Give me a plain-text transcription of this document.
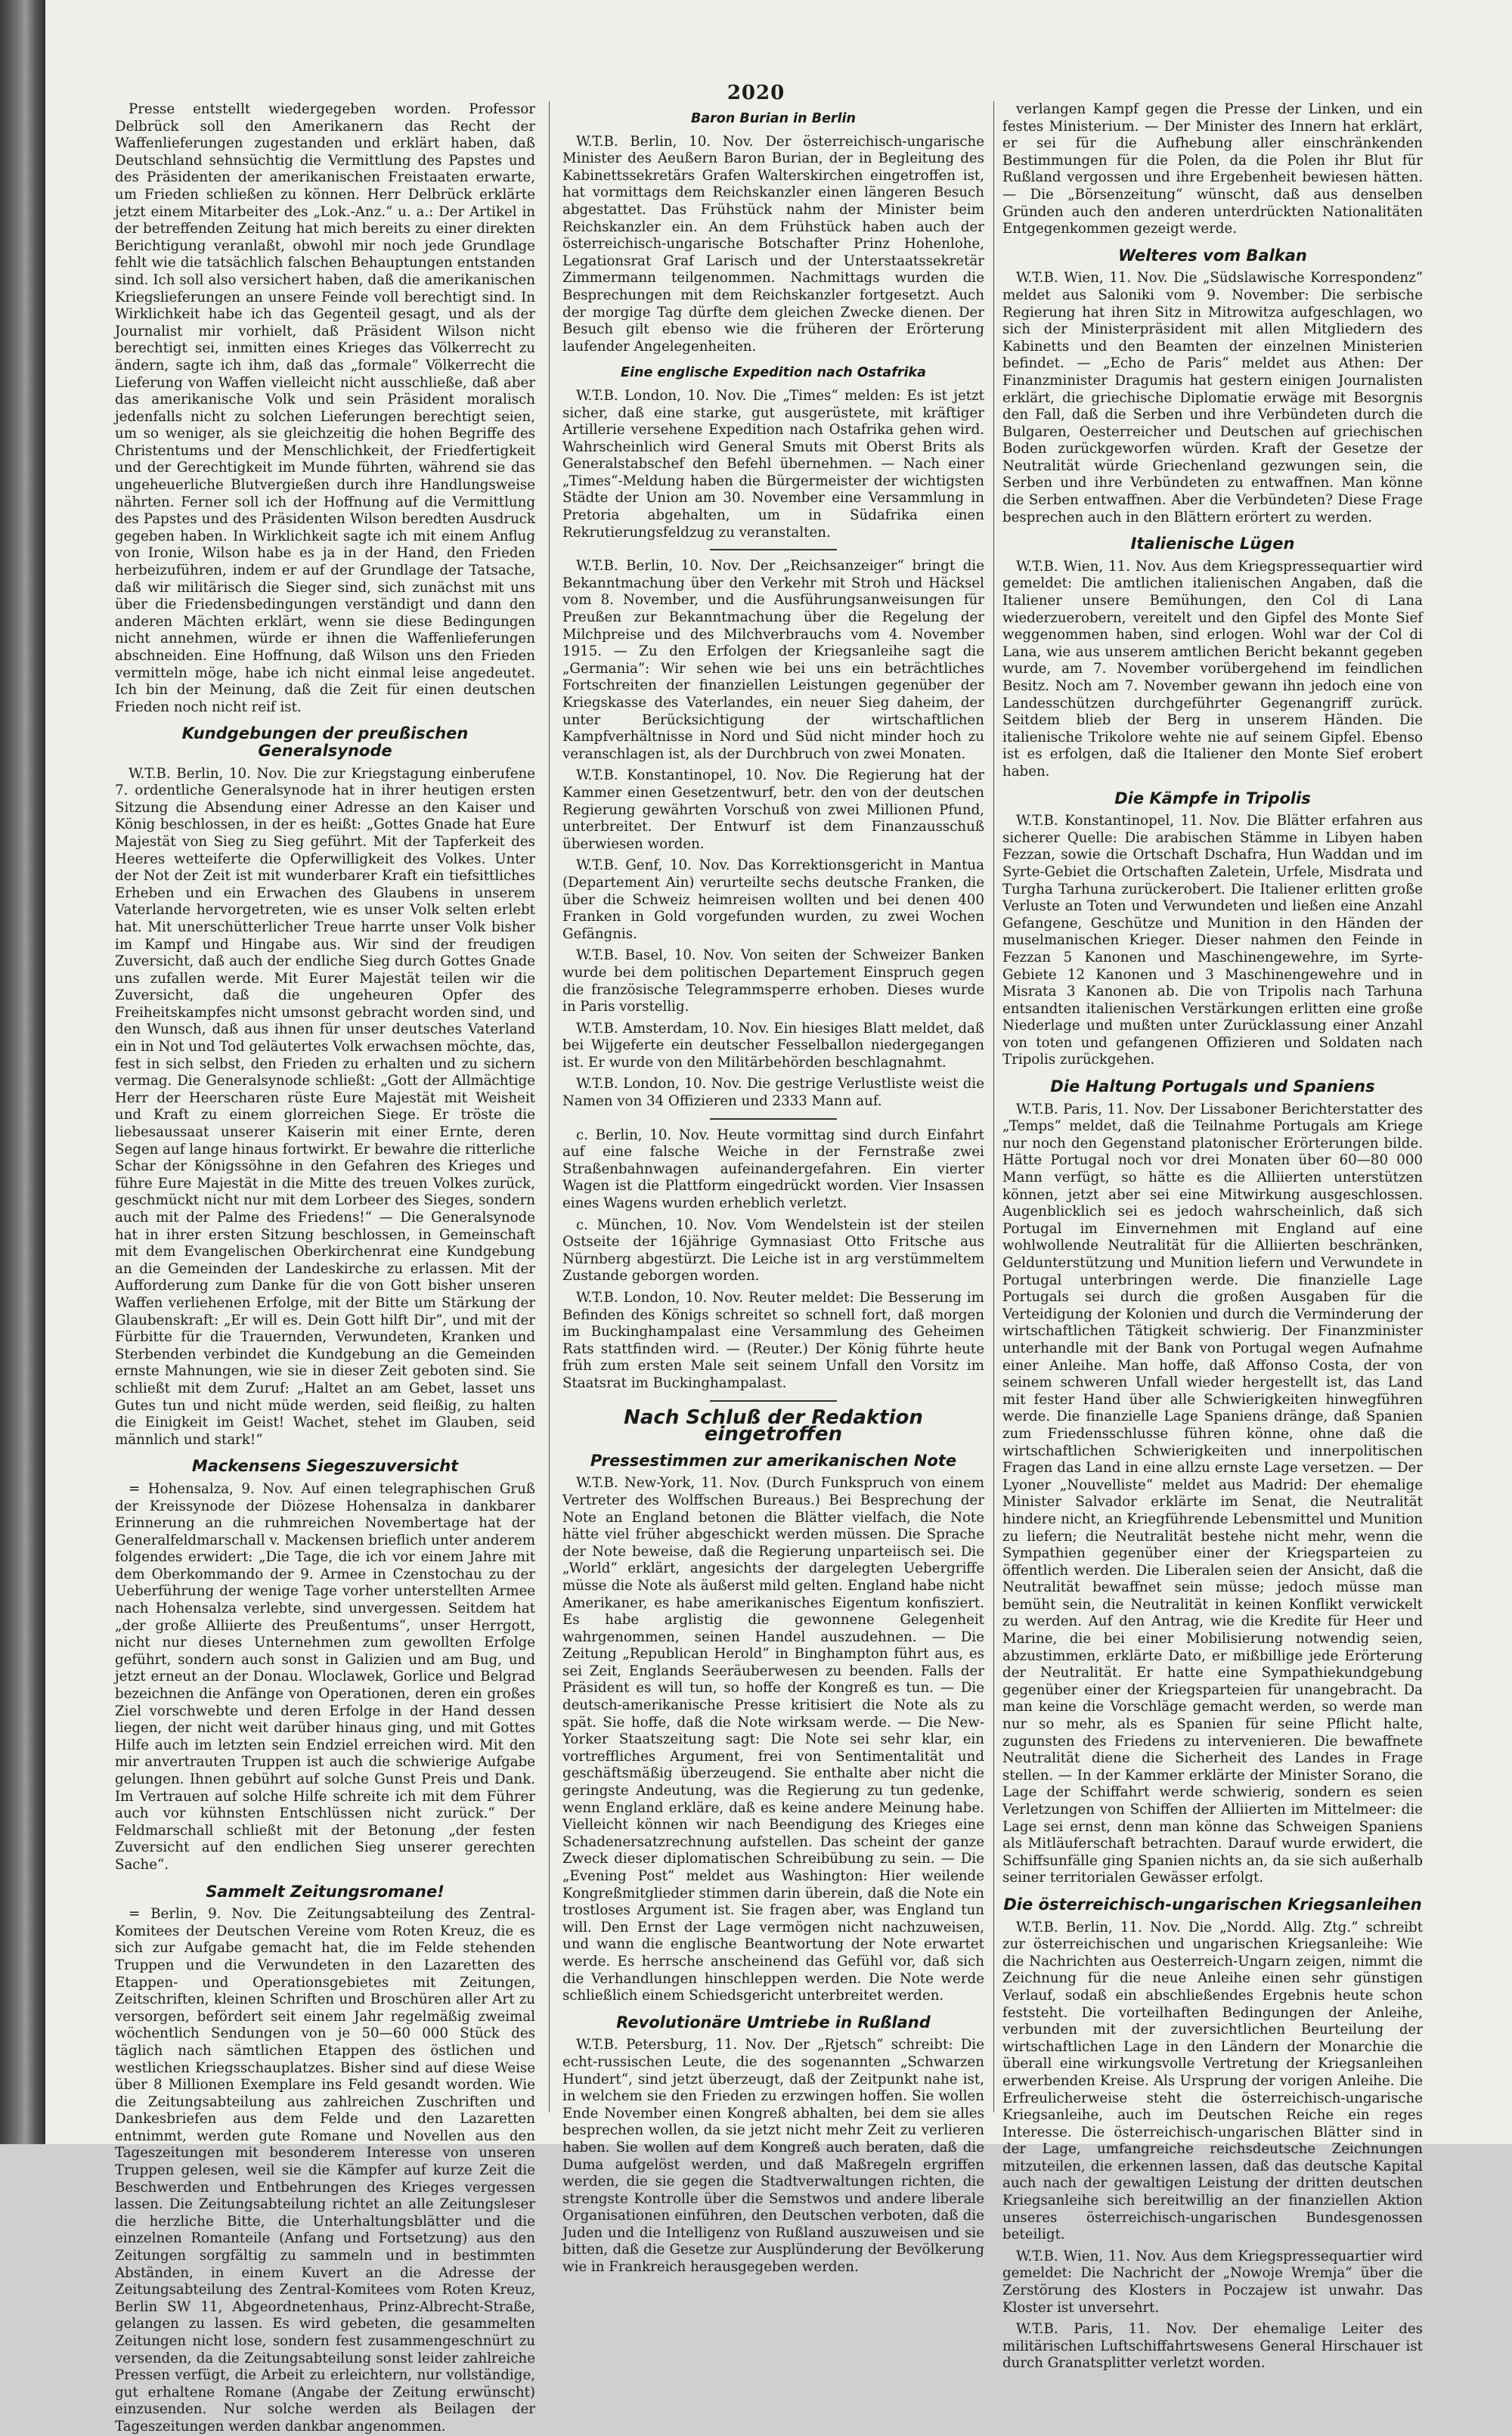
2020

Presse entstellt wiedergegeben worden. Professor Delbrück soll den Amerikanern das Recht der Waffenlieferungen zugestanden und erklärt haben, daß Deutschland sehnsüchtig die Vermittlung des Papstes und des Präsidenten der amerikanischen Freistaaten erwarte, um Frieden schließen zu können. Herr Delbrück erklärte jetzt einem Mitarbeiter des „Lok.-Anz.“ u. a.: Der Artikel in der betreffenden Zeitung hat mich bereits zu einer direkten Berichtigung veranlaßt, obwohl mir noch jede Grundlage fehlt wie die tatsächlich falschen Behauptungen entstanden sind. Ich soll also versichert haben, daß die amerikanischen Kriegslieferungen an unsere Feinde voll berechtigt sind. In Wirklichkeit habe ich das Gegenteil gesagt, und als der Journalist mir vorhielt, daß Präsident Wilson nicht berechtigt sei, inmitten eines Krieges das Völkerrecht zu ändern, sagte ich ihm, daß das „formale“ Völkerrecht die Lieferung von Waffen vielleicht nicht ausschließe, daß aber das amerikanische Volk und sein Präsident moralisch jedenfalls nicht zu solchen Lieferungen berechtigt seien, um so weniger, als sie gleichzeitig die hohen Begriffe des Christentums und der Menschlichkeit, der Friedfertigkeit und der Gerechtigkeit im Munde führten, während sie das ungeheuerliche Blutvergießen durch ihre Handlungsweise nährten. Ferner soll ich der Hoffnung auf die Vermittlung des Papstes und des Präsidenten Wilson beredten Ausdruck gegeben haben. In Wirklichkeit sagte ich mit einem Anflug von Ironie, Wilson habe es ja in der Hand, den Frieden herbeizuführen, indem er auf der Grundlage der Tatsache, daß wir militärisch die Sieger sind, sich zunächst mit uns über die Friedensbedingungen verständigt und dann den anderen Mächten erklärt, wenn sie diese Bedingungen nicht annehmen, würde er ihnen die Waffenlieferungen abschneiden. Eine Hoffnung, daß Wilson uns den Frieden vermitteln möge, habe ich nicht einmal leise angedeutet. Ich bin der Meinung, daß die Zeit für einen deutschen Frieden noch nicht reif ist.

Kundgebungen der preußischen Generalsynode

W.T.B. Berlin, 10. Nov. Die zur Kriegstagung einberufene 7. ordentliche Generalsynode hat in ihrer heutigen ersten Sitzung die Absendung einer Adresse an den Kaiser und König beschlossen, in der es heißt: „Gottes Gnade hat Eure Majestät von Sieg zu Sieg geführt. Mit der Tapferkeit des Heeres wetteiferte die Opferwilligkeit des Volkes. Unter der Not der Zeit ist mit wunderbarer Kraft ein tiefsittliches Erheben und ein Erwachen des Glaubens in unserem Vaterlande hervorgetreten, wie es unser Volk selten erlebt hat. Mit unerschütterlicher Treue harrte unser Volk bisher im Kampf und Hingabe aus. Wir sind der freudigen Zuversicht, daß auch der endliche Sieg durch Gottes Gnade uns zufallen werde. Mit Eurer Majestät teilen wir die Zuversicht, daß die ungeheuren Opfer des Freiheitskampfes nicht umsonst gebracht worden sind, und den Wunsch, daß aus ihnen für unser deutsches Vaterland ein in Not und Tod geläutertes Volk erwachsen möchte, das, fest in sich selbst, den Frieden zu erhalten und zu sichern vermag. Die Generalsynode schließt: „Gott der Allmächtige Herr der Heerscharen rüste Eure Majestät mit Weisheit und Kraft zu einem glorreichen Siege. Er tröste die liebesaussaat unserer Kaiserin mit einer Ernte, deren Segen auf lange hinaus fortwirkt. Er bewahre die ritterliche Schar der Königssöhne in den Gefahren des Krieges und führe Eure Majestät in die Mitte des treuen Volkes zurück, geschmückt nicht nur mit dem Lorbeer des Sieges, sondern auch mit der Palme des Friedens!“ — Die Generalsynode hat in ihrer ersten Sitzung beschlossen, in Gemeinschaft mit dem Evangelischen Oberkirchenrat eine Kundgebung an die Gemeinden der Landeskirche zu erlassen. Mit der Aufforderung zum Danke für die von Gott bisher unseren Waffen verliehenen Erfolge, mit der Bitte um Stärkung der Glaubenskraft: „Er will es. Dein Gott hilft Dir“, und mit der Fürbitte für die Trauernden, Verwundeten, Kranken und Sterbenden verbindet die Kundgebung an die Gemeinden ernste Mahnungen, wie sie in dieser Zeit geboten sind. Sie schließt mit dem Zuruf: „Haltet an am Gebet, lasset uns Gutes tun und nicht müde werden, seid fleißig, zu halten die Einigkeit im Geist! Wachet, stehet im Glauben, seid männlich und stark!“

Mackensens Siegeszuversicht

= Hohensalza, 9. Nov. Auf einen telegraphischen Gruß der Kreissynode der Diözese Hohensalza in dankbarer Erinnerung an die ruhmreichen Novembertage hat der Generalfeldmarschall v. Mackensen brieflich unter anderem folgendes erwidert: „Die Tage, die ich vor einem Jahre mit dem Oberkommando der 9. Armee in Czenstochau zu der Ueberführung der wenige Tage vorher unterstellten Armee nach Hohensalza verlebte, sind unvergessen. Seitdem hat „der große Alliierte des Preußentums“, unser Herrgott, nicht nur dieses Unternehmen zum gewollten Erfolge geführt, sondern auch sonst in Galizien und am Bug, und jetzt erneut an der Donau. Wloclawek, Gorlice und Belgrad bezeichnen die Anfänge von Operationen, deren ein großes Ziel vorschwebte und deren Erfolge in der Hand dessen liegen, der nicht weit darüber hinaus ging, und mit Gottes Hilfe auch im letzten sein Endziel erreichen wird. Mit den mir anvertrauten Truppen ist auch die schwierige Aufgabe gelungen. Ihnen gebührt auf solche Gunst Preis und Dank. Im Vertrauen auf solche Hilfe schreite ich mit dem Führer auch vor kühnsten Entschlüssen nicht zurück.“ Der Feldmarschall schließt mit der Betonung „der festen Zuversicht auf den endlichen Sieg unserer gerechten Sache“.

Sammelt Zeitungsromane!

= Berlin, 9. Nov. Die Zeitungsabteilung des Zentral-Komitees der Deutschen Vereine vom Roten Kreuz, die es sich zur Aufgabe gemacht hat, die im Felde stehenden Truppen und die Verwundeten in den Lazaretten des Etappen- und Operationsgebietes mit Zeitungen, Zeitschriften, kleinen Schriften und Broschüren aller Art zu versorgen, befördert seit einem Jahr regelmäßig zweimal wöchentlich Sendungen von je 50—60 000 Stück des täglich nach sämtlichen Etappen des östlichen und westlichen Kriegsschauplatzes. Bisher sind auf diese Weise über 8 Millionen Exemplare ins Feld gesandt worden. Wie die Zeitungsabteilung aus zahlreichen Zuschriften und Dankesbriefen aus dem Felde und den Lazaretten entnimmt, werden gute Romane und Novellen aus den Tageszeitungen mit besonderem Interesse von unseren Truppen gelesen, weil sie die Kämpfer auf kurze Zeit die Beschwerden und Entbehrungen des Krieges vergessen lassen. Die Zeitungsabteilung richtet an alle Zeitungsleser die herzliche Bitte, die Unterhaltungsblätter und die einzelnen Romanteile (Anfang und Fortsetzung) aus den Zeitungen sorgfältig zu sammeln und in bestimmten Abständen, in einem Kuvert an die Adresse der Zeitungsabteilung des Zentral-Komitees vom Roten Kreuz, Berlin SW 11, Abgeordnetenhaus, Prinz-Albrecht-Straße, gelangen zu lassen. Es wird gebeten, die gesammelten Zeitungen nicht lose, sondern fest zusammengeschnürt zu versenden, da die Zeitungsabteilung sonst leider zahlreiche Pressen verfügt, die Arbeit zu erleichtern, nur vollständige, gut erhaltene Romane (Angabe der Zeitung erwünscht) einzusenden. Nur solche werden als Beilagen der Tageszeitungen werden dankbar angenommen.

Baron Burian in Berlin

W.T.B. Berlin, 10. Nov. Der österreichisch-ungarische Minister des Aeußern Baron Burian, der in Begleitung des Kabinettssekretärs Grafen Walterskirchen eingetroffen ist, hat vormittags dem Reichskanzler einen längeren Besuch abgestattet. Das Frühstück nahm der Minister beim Reichskanzler ein. An dem Frühstück haben auch der österreichisch-ungarische Botschafter Prinz Hohenlohe, Legationsrat Graf Larisch und der Unterstaatssekretär Zimmermann teilgenommen. Nachmittags wurden die Besprechungen mit dem Reichskanzler fortgesetzt. Auch der morgige Tag dürfte dem gleichen Zwecke dienen. Der Besuch gilt ebenso wie die früheren der Erörterung laufender Angelegenheiten.

Eine englische Expedition nach Ostafrika

W.T.B. London, 10. Nov. Die „Times“ melden: Es ist jetzt sicher, daß eine starke, gut ausgerüstete, mit kräftiger Artillerie versehene Expedition nach Ostafrika gehen wird. Wahrscheinlich wird General Smuts mit Oberst Brits als Generalstabschef den Befehl übernehmen. — Nach einer „Times“-Meldung haben die Bürgermeister der wichtigsten Städte der Union am 30. November eine Versammlung in Pretoria abgehalten, um in Südafrika einen Rekrutierungsfeldzug zu veranstalten.

W.T.B. Berlin, 10. Nov. Der „Reichsanzeiger“ bringt die Bekanntmachung über den Verkehr mit Stroh und Häcksel vom 8. November, und die Ausführungsanweisungen für Preußen zur Bekanntmachung über die Regelung der Milchpreise und des Milchverbrauchs vom 4. November 1915. — Zu den Erfolgen der Kriegsanleihe sagt die „Germania“: Wir sehen wie bei uns ein beträchtliches Fortschreiten der finanziellen Leistungen gegenüber der Kriegskasse des Vaterlandes, ein neuer Sieg daheim, der unter Berücksichtigung der wirtschaftlichen Kampfverhältnisse in Nord und Süd nicht minder hoch zu veranschlagen ist, als der Durchbruch von zwei Monaten.

W.T.B. Konstantinopel, 10. Nov. Die Regierung hat der Kammer einen Gesetzentwurf, betr. den von der deutschen Regierung gewährten Vorschuß von zwei Millionen Pfund, unterbreitet. Der Entwurf ist dem Finanzausschuß überwiesen worden.

W.T.B. Genf, 10. Nov. Das Korrektionsgericht in Mantua (Departement Ain) verurteilte sechs deutsche Franken, die über die Schweiz heimreisen wollten und bei denen 400 Franken in Gold vorgefunden wurden, zu zwei Wochen Gefängnis.

W.T.B. Basel, 10. Nov. Von seiten der Schweizer Banken wurde bei dem politischen Departement Einspruch gegen die französische Telegrammsperre erhoben. Dieses wurde in Paris vorstellig.

W.T.B. Amsterdam, 10. Nov. Ein hiesiges Blatt meldet, daß bei Wijgeferte ein deutscher Fesselballon niedergegangen ist. Er wurde von den Militärbehörden beschlagnahmt.

W.T.B. London, 10. Nov. Die gestrige Verlustliste weist die Namen von 34 Offizieren und 2333 Mann auf.

c. Berlin, 10. Nov. Heute vormittag sind durch Einfahrt auf eine falsche Weiche in der Fernstraße zwei Straßenbahnwagen aufeinandergefahren. Ein vierter Wagen ist die Plattform eingedrückt worden. Vier Insassen eines Wagens wurden erheblich verletzt.

c. München, 10. Nov. Vom Wendelstein ist der steilen Ostseite der 16jährige Gymnasiast Otto Fritsche aus Nürnberg abgestürzt. Die Leiche ist in arg verstümmeltem Zustande geborgen worden.

W.T.B. London, 10. Nov. Reuter meldet: Die Besserung im Befinden des Königs schreitet so schnell fort, daß morgen im Buckinghampalast eine Versammlung des Geheimen Rats stattfinden wird. — (Reuter.) Der König führte heute früh zum ersten Male seit seinem Unfall den Vorsitz im Staatsrat im Buckinghampalast.

Nach Schluß der Redaktion eingetroffen
Pressestimmen zur amerikanischen Note

W.T.B. New-York, 11. Nov. (Durch Funkspruch von einem Vertreter des Wolffschen Bureaus.) Bei Besprechung der Note an England betonen die Blätter vielfach, die Note hätte viel früher abgeschickt werden müssen. Die Sprache der Note beweise, daß die Regierung unparteiisch sei. Die „World“ erklärt, angesichts der dargelegten Uebergriffe müsse die Note als äußerst mild gelten. England habe nicht Amerikaner, es habe amerikanisches Eigentum konfisziert. Es habe arglistig die gewonnene Gelegenheit wahrgenommen, seinen Handel auszudehnen. — Die Zeitung „Republican Herold“ in Binghampton führt aus, es sei Zeit, Englands Seeräuberwesen zu beenden. Falls der Präsident es will tun, so hoffe der Kongreß es tun. — Die deutsch-amerikanische Presse kritisiert die Note als zu spät. Sie hoffe, daß die Note wirksam werde. — Die New-Yorker Staatszeitung sagt: Die Note sei sehr klar, ein vortreffliches Argument, frei von Sentimentalität und geschäftsmäßig überzeugend. Sie enthalte aber nicht die geringste Andeutung, was die Regierung zu tun gedenke, wenn England erkläre, daß es keine andere Meinung habe. Vielleicht können wir nach Beendigung des Krieges eine Schadenersatzrechnung aufstellen. Das scheint der ganze Zweck dieser diplomatischen Schreibübung zu sein. — Die „Evening Post“ meldet aus Washington: Hier weilende Kongreßmitglieder stimmen darin überein, daß die Note ein trostloses Argument ist. Sie fragen aber, was England tun will. Den Ernst der Lage vermögen nicht nachzuweisen, und wann die englische Beantwortung der Note erwartet werde. Es herrsche anscheinend das Gefühl vor, daß sich die Verhandlungen hinschleppen werden. Die Note werde schließlich einem Schiedsgericht unterbreitet werden.

Revolutionäre Umtriebe in Rußland

W.T.B. Petersburg, 11. Nov. Der „Rjetsch“ schreibt: Die echt-russischen Leute, die des sogenannten „Schwarzen Hundert“, sind jetzt überzeugt, daß der Zeitpunkt nahe ist, in welchem sie den Frieden zu erzwingen hoffen. Sie wollen Ende November einen Kongreß abhalten, bei dem sie alles besprechen wollen, da sie jetzt nicht mehr Zeit zu verlieren haben. Sie wollen auf dem Kongreß auch beraten, daß die Duma aufgelöst werden, und daß Maßregeln ergriffen werden, die sie gegen die Stadtverwaltungen richten, die strengste Kontrolle über die Semstwos und andere liberale Organisationen einführen, den Deutschen verboten, daß die Juden und die Intelligenz von Rußland auszuweisen und sie bitten, daß die Gesetze zur Ausplünderung der Bevölkerung wie in Frankreich herausgegeben werden.

verlangen Kampf gegen die Presse der Linken, und ein festes Ministerium. — Der Minister des Innern hat erklärt, er sei für die Aufhebung aller einschränkenden Bestimmungen für die Polen, da die Polen ihr Blut für Rußland vergossen und ihre Ergebenheit bewiesen hätten. — Die „Börsenzeitung“ wünscht, daß aus denselben Gründen auch den anderen unterdrückten Nationalitäten Entgegenkommen gezeigt werde.

Welteres vom Balkan

W.T.B. Wien, 11. Nov. Die „Südslawische Korrespondenz“ meldet aus Saloniki vom 9. November: Die serbische Regierung hat ihren Sitz in Mitrowitza aufgeschlagen, wo sich der Ministerpräsident mit allen Mitgliedern des Kabinetts und den Beamten der einzelnen Ministerien befindet. — „Echo de Paris“ meldet aus Athen: Der Finanzminister Dragumis hat gestern einigen Journalisten erklärt, die griechische Diplomatie erwäge mit Besorgnis den Fall, daß die Serben und ihre Verbündeten durch die Bulgaren, Oesterreicher und Deutschen auf griechischen Boden zurückgeworfen würden. Kraft der Gesetze der Neutralität würde Griechenland gezwungen sein, die Serben und ihre Verbündeten zu entwaffnen. Man könne die Serben entwaffnen. Aber die Verbündeten? Diese Frage besprechen auch in den Blättern erörtert zu werden.

Italienische Lügen

W.T.B. Wien, 11. Nov. Aus dem Kriegspressequartier wird gemeldet: Die amtlichen italienischen Angaben, daß die Italiener unsere Bemühungen, den Col di Lana wiederzuerobern, vereitelt und den Gipfel des Monte Sief weggenommen haben, sind erlogen. Wohl war der Col di Lana, wie aus unserem amtlichen Bericht bekannt gegeben wurde, am 7. November vorübergehend im feindlichen Besitz. Noch am 7. November gewann ihn jedoch eine von Landesschützen durchgeführter Gegenangriff zurück. Seitdem blieb der Berg in unserem Händen. Die italienische Trikolore wehte nie auf seinem Gipfel. Ebenso ist es erfolgen, daß die Italiener den Monte Sief erobert haben.

Die Kämpfe in Tripolis

W.T.B. Konstantinopel, 11. Nov. Die Blätter erfahren aus sicherer Quelle: Die arabischen Stämme in Libyen haben Fezzan, sowie die Ortschaft Dschafra, Hun Waddan und im Syrte-Gebiet die Ortschaften Zaletein, Urfele, Misdrata und Turgha Tarhuna zurückerobert. Die Italiener erlitten große Verluste an Toten und Verwundeten und ließen eine Anzahl Gefangene, Geschütze und Munition in den Händen der muselmanischen Krieger. Dieser nahmen den Feinde in Fezzan 5 Kanonen und Maschinengewehre, im Syrte-Gebiete 12 Kanonen und 3 Maschinengewehre und in Misrata 3 Kanonen ab. Die von Tripolis nach Tarhuna entsandten italienischen Verstärkungen erlitten eine große Niederlage und mußten unter Zurücklassung einer Anzahl von toten und gefangenen Offizieren und Soldaten nach Tripolis zurückgehen.

Die Haltung Portugals und Spaniens

W.T.B. Paris, 11. Nov. Der Lissaboner Berichterstatter des „Temps“ meldet, daß die Teilnahme Portugals am Kriege nur noch den Gegenstand platonischer Erörterungen bilde. Hätte Portugal noch vor drei Monaten über 60—80 000 Mann verfügt, so hätte es die Alliierten unterstützen können, jetzt aber sei eine Mitwirkung ausgeschlossen. Augenblicklich sei es jedoch wahrscheinlich, daß sich Portugal im Einvernehmen mit England auf eine wohlwollende Neutralität für die Alliierten beschränken, Geldunterstützung und Munition liefern und Verwundete in Portugal unterbringen werde. Die finanzielle Lage Portugals sei durch die großen Ausgaben für die Verteidigung der Kolonien und durch die Verminderung der wirtschaftlichen Tätigkeit schwierig. Der Finanzminister unterhandle mit der Bank von Portugal wegen Aufnahme einer Anleihe. Man hoffe, daß Affonso Costa, der von seinem schweren Unfall wieder hergestellt ist, das Land mit fester Hand über alle Schwierigkeiten hinwegführen werde. Die finanzielle Lage Spaniens dränge, daß Spanien zum Friedensschlusse führen könne, ohne daß die wirtschaftlichen Schwierigkeiten und innerpolitischen Fragen das Land in eine allzu ernste Lage versetzen. — Der Lyoner „Nouvelliste“ meldet aus Madrid: Der ehemalige Minister Salvador erklärte im Senat, die Neutralität hindere nicht, an Kriegführende Lebensmittel und Munition zu liefern; die Neutralität bestehe nicht mehr, wenn die Sympathien gegenüber einer der Kriegsparteien zu öffentlich werden. Die Liberalen seien der Ansicht, daß die Neutralität bewaffnet sein müsse; jedoch müsse man bemüht sein, die Neutralität in keinen Konflikt verwickelt zu werden. Auf den Antrag, wie die Kredite für Heer und Marine, die bei einer Mobilisierung notwendig seien, abzustimmen, erklärte Dato, er mißbillige jede Erörterung der Neutralität. Er hatte eine Sympathiekundgebung gegenüber einer der Kriegsparteien für unangebracht. Da man keine die Vorschläge gemacht werden, so werde man nur so mehr, als es Spanien für seine Pflicht halte, zugunsten des Friedens zu intervenieren. Die bewaffnete Neutralität diene die Sicherheit des Landes in Frage stellen. — In der Kammer erklärte der Minister Sorano, die Lage der Schiffahrt werde schwierig, sondern es seien Verletzungen von Schiffen der Alliierten im Mittelmeer: die Lage sei ernst, denn man könne das Schweigen Spaniens als Mitläuferschaft betrachten. Darauf wurde erwidert, die Schiffsunfälle ging Spanien nichts an, da sie sich außerhalb seiner territorialen Gewässer erfolgt.

Die österreichisch-ungarischen Kriegsanleihen

W.T.B. Berlin, 11. Nov. Die „Nordd. Allg. Ztg.“ schreibt zur österreichischen und ungarischen Kriegsanleihe: Wie die Nachrichten aus Oesterreich-Ungarn zeigen, nimmt die Zeichnung für die neue Anleihe einen sehr günstigen Verlauf, sodaß ein abschließendes Ergebnis heute schon feststeht. Die vorteilhaften Bedingungen der Anleihe, verbunden mit der zuversichtlichen Beurteilung der wirtschaftlichen Lage in den Ländern der Monarchie die überall eine wirkungsvolle Vertretung der Kriegsanleihen erwerbenden Kreise. Als Ursprung der vorigen Anleihe. Die Erfreulicherweise steht die österreichisch-ungarische Kriegsanleihe, auch im Deutschen Reiche ein reges Interesse. Die österreichisch-ungarischen Blätter sind in der Lage, umfangreiche reichsdeutsche Zeichnungen mitzuteilen, die erkennen lassen, daß das deutsche Kapital auch nach der gewaltigen Leistung der dritten deutschen Kriegsanleihe sich bereitwillig an der finanziellen Aktion unseres österreichisch-ungarischen Bundesgenossen beteiligt.

W.T.B. Wien, 11. Nov. Aus dem Kriegspressequartier wird gemeldet: Die Nachricht der „Nowoje Wremja“ über die Zerstörung des Klosters in Poczajew ist unwahr. Das Kloster ist unversehrt.

W.T.B. Paris, 11. Nov. Der ehemalige Leiter des militärischen Luftschiffahrtswesens General Hirschauer ist durch Granatsplitter verletzt worden.
